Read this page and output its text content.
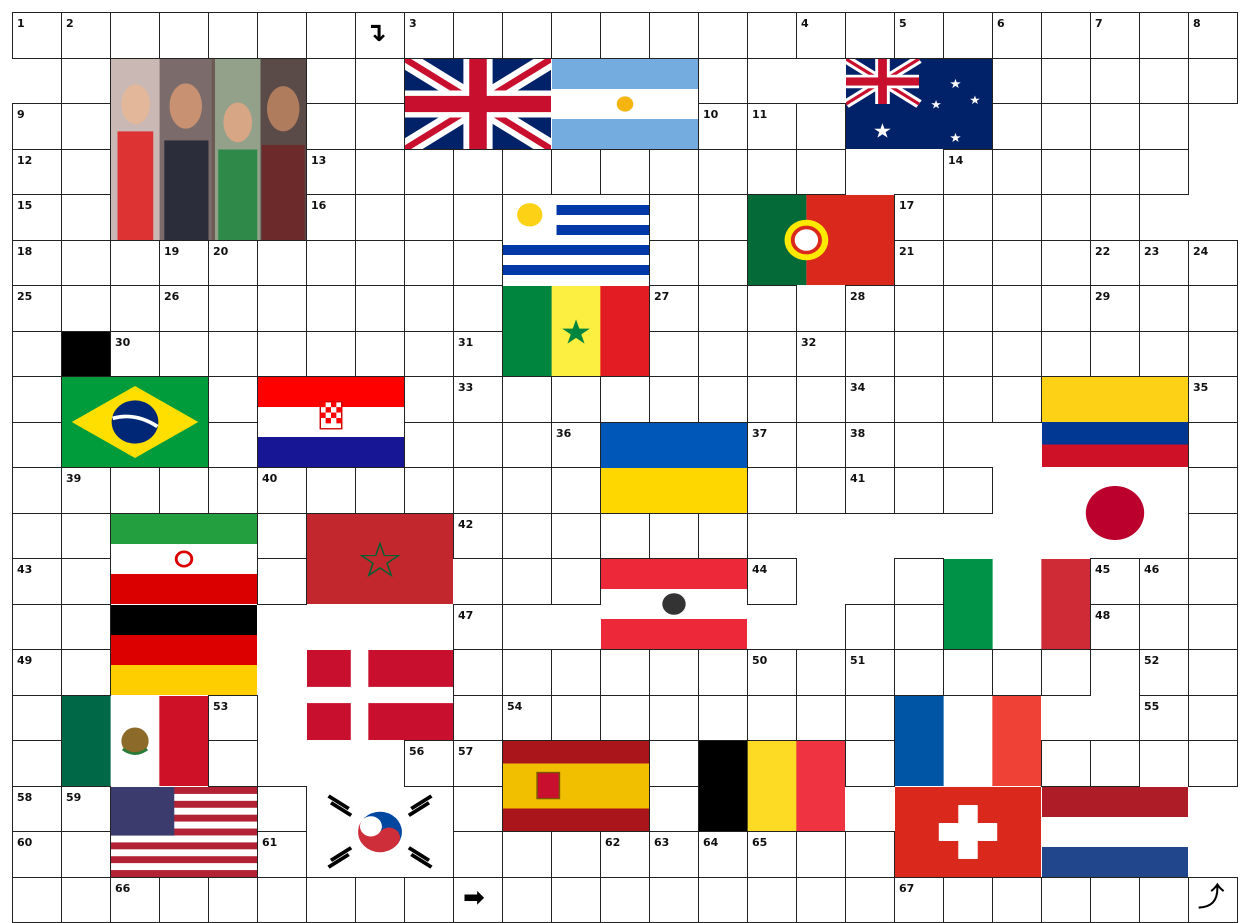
1	2	3	4	5	6	7	8
9	10	11
12	13	14
15	16	17
18	19	20	21	22	23	24
25	26	27	28	29
30	31	32
33	34	35
36	37	38
39	40	41
42
43	44	45	46
47	48
49	50	51	52
53	54	55
56	57
58	59
60	61	62	63	64	65
66	67
↴
➡	⤴
★ ★
★
★ ★
★
☆
